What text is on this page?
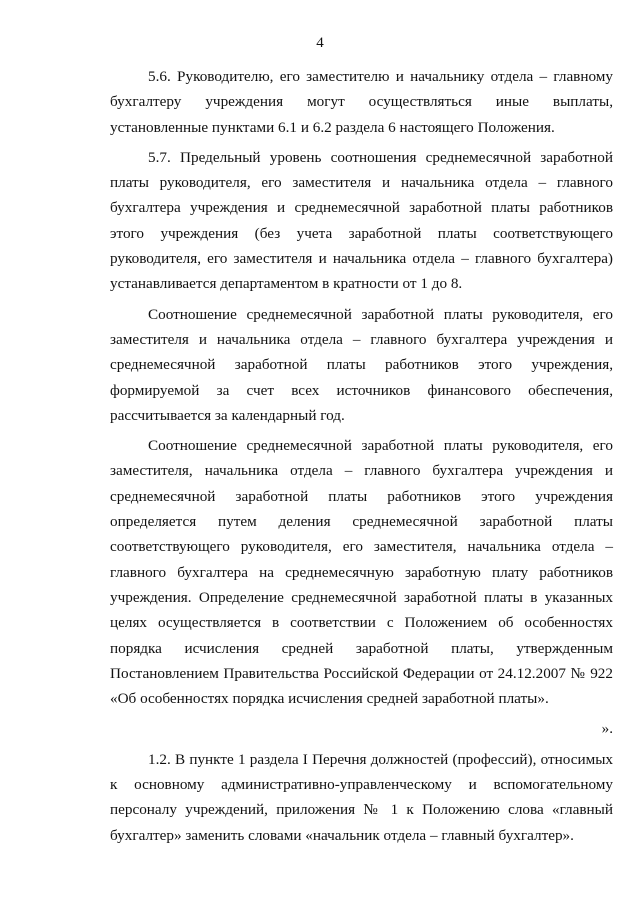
4

5.6. Руководителю, его заместителю и начальнику отдела – главному бухгалтеру учреждения могут осуществляться иные выплаты, установленные пунктами 6.1 и 6.2 раздела 6 настоящего Положения.

5.7. Предельный уровень соотношения среднемесячной заработной платы руководителя, его заместителя и начальника отдела – главного бухгалтера учреждения и среднемесячной заработной платы работников этого учреждения (без учета заработной платы соответствующего руководителя, его заместителя и начальника отдела – главного бухгалтера) устанавливается департаментом в кратности от 1 до 8.

Соотношение среднемесячной заработной платы руководителя, его заместителя и начальника отдела – главного бухгалтера учреждения и среднемесячной заработной платы работников этого учреждения, формируемой за счет всех источников финансового обеспечения, рассчитывается за календарный год.

Соотношение среднемесячной заработной платы руководителя, его заместителя, начальника отдела – главного бухгалтера учреждения и среднемесячной заработной платы работников этого учреждения определяется путем деления среднемесячной заработной платы соответствующего руководителя, его заместителя, начальника отдела – главного бухгалтера на среднемесячную заработную плату работников учреждения. Определение среднемесячной заработной платы в указанных целях осуществляется в соответствии с Положением об особенностях порядка исчисления средней заработной платы, утвержденным Постановлением Правительства Российской Федерации от 24.12.2007 № 922 «Об особенностях порядка исчисления средней заработной платы».

».

1.2. В пункте 1 раздела I Перечня должностей (профессий), относимых к основному административно-управленческому и вспомогательному персоналу учреждений, приложения № 1 к Положению слова «главный бухгалтер» заменить словами «начальник отдела – главный бухгалтер».
